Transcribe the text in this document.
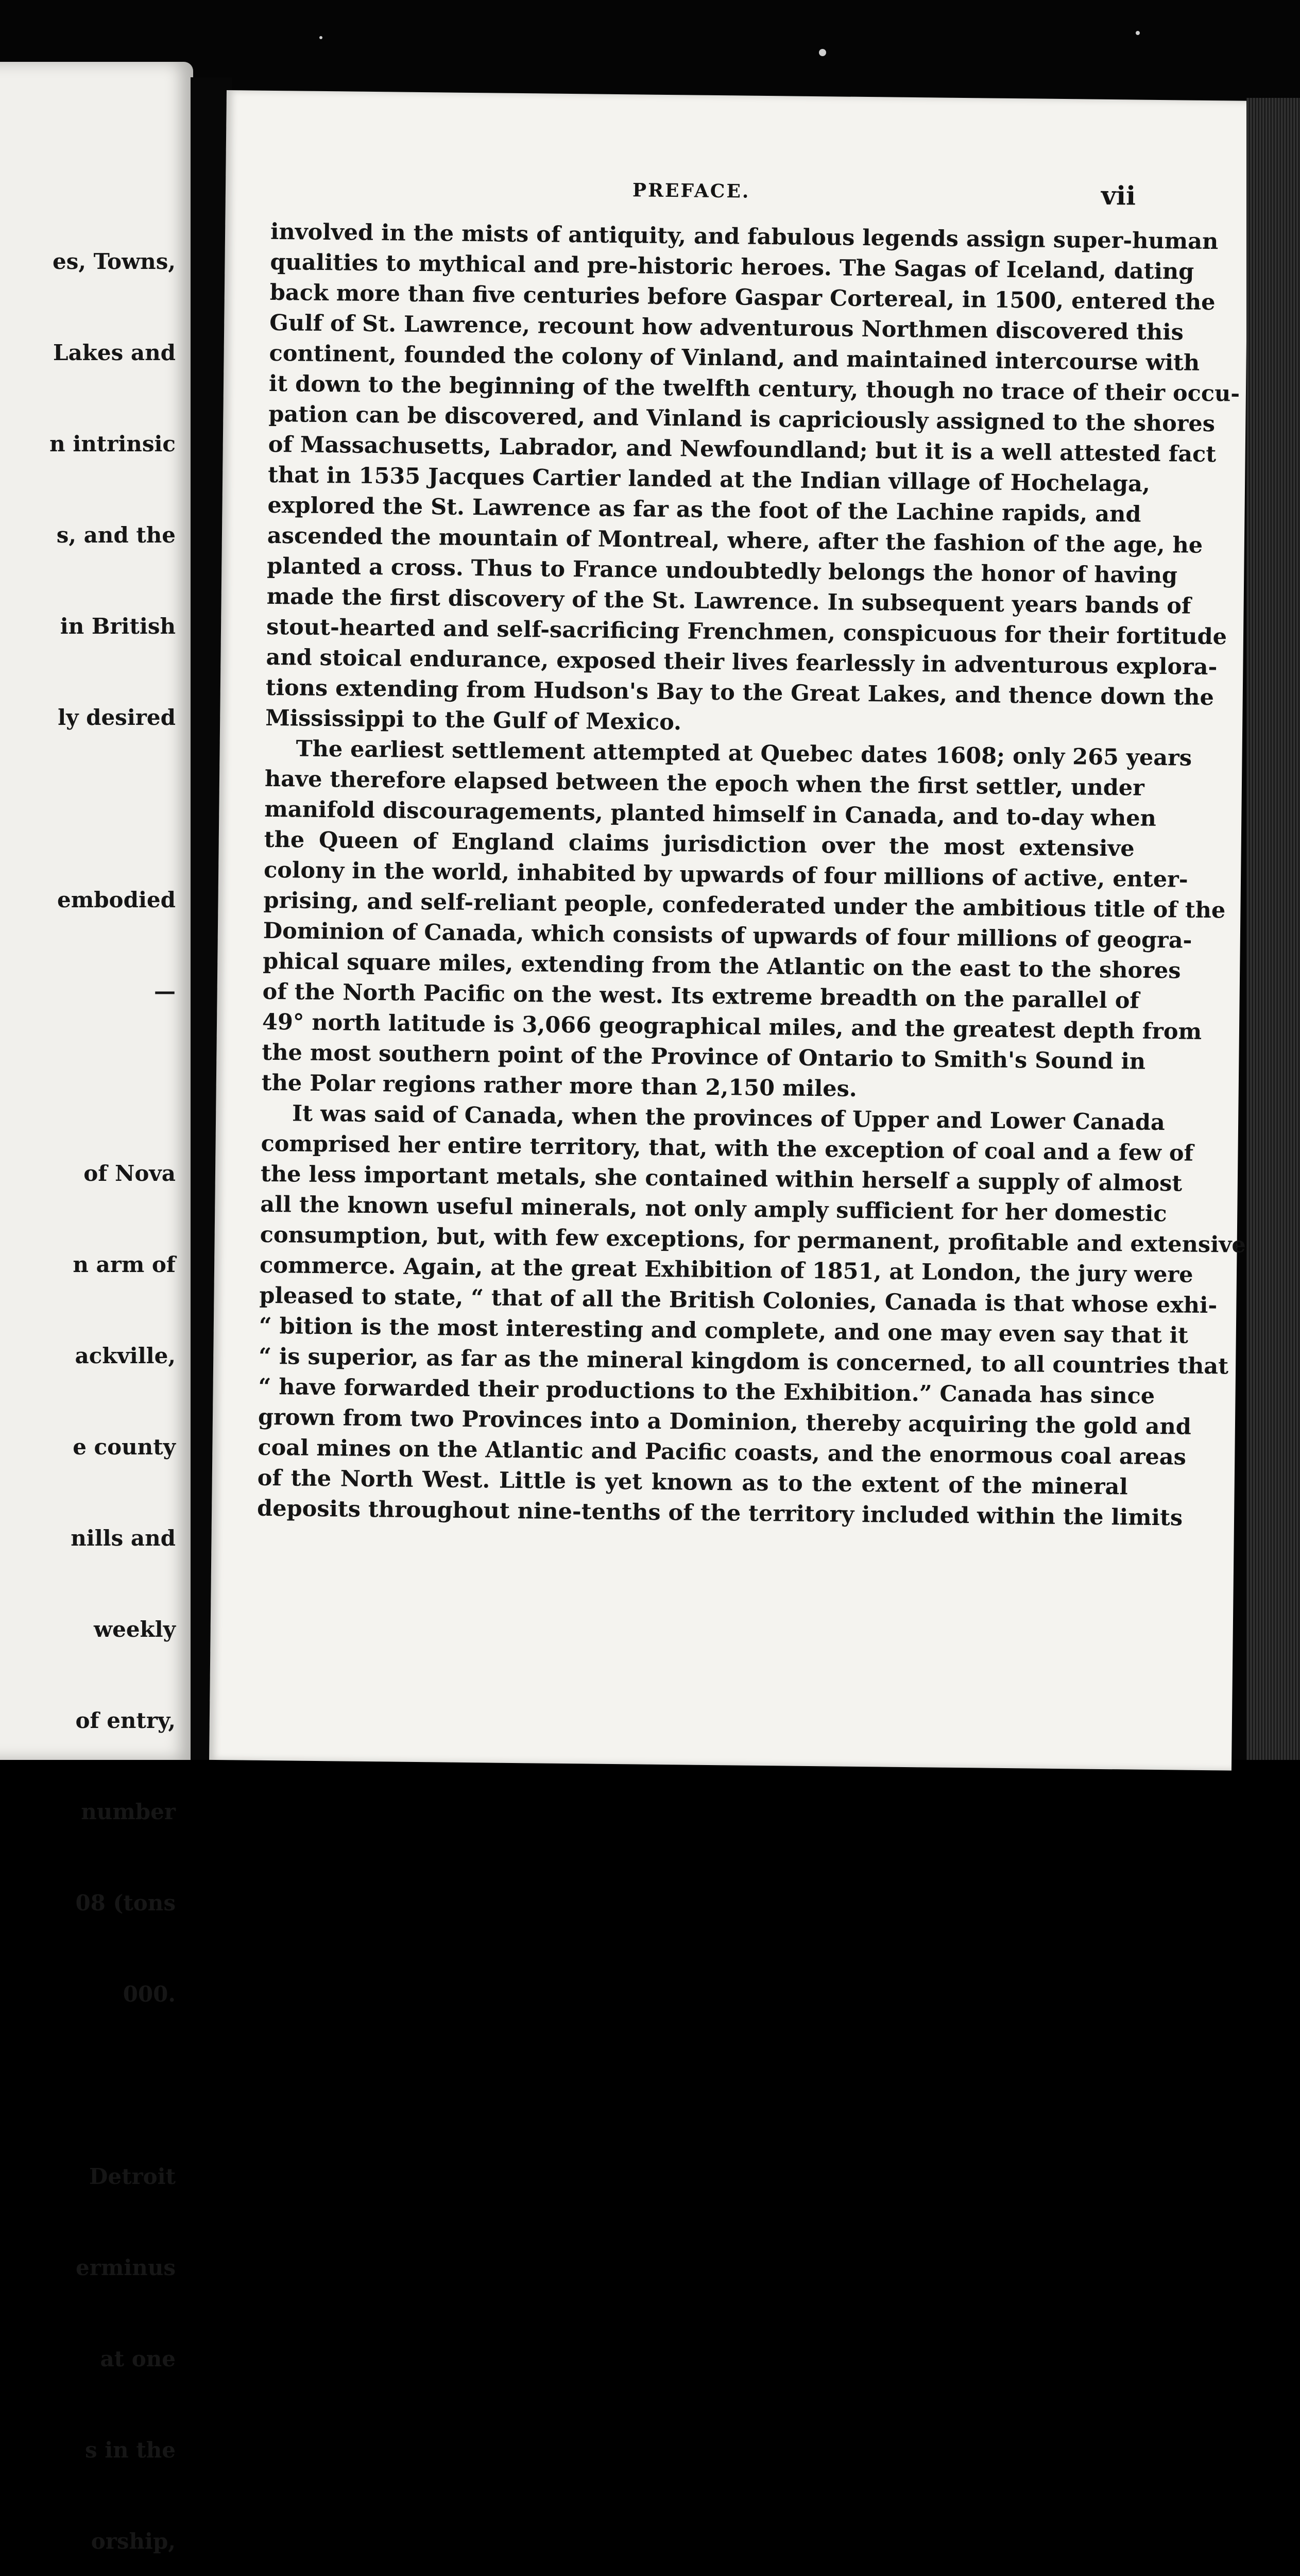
es, Towns,

Lakes and

n intrinsic

s, and the

in British

ly desired

embodied

—

of Nova

n arm of

ackville,

e county

nills and

weekly

of entry,

number

08 (tons

000.

Detroit

erminus

at one

s in the

orship,

PREFACE.	vii
involved in the mists of antiquity, and fabulous legends assign super-human
qualities to mythical and pre-historic heroes. The Sagas of Iceland, dating
back more than five centuries before Gaspar Cortereal, in 1500, entered the
Gulf of St. Lawrence, recount how adventurous Northmen discovered this
continent, founded the colony of Vinland, and maintained intercourse with
it down to the beginning of the twelfth century, though no trace of their occu-
pation can be discovered, and Vinland is capriciously assigned to the shores
of Massachusetts, Labrador, and Newfoundland; but it is a well attested fact
that in 1535 Jacques Cartier landed at the Indian village of Hochelaga,
explored the St. Lawrence as far as the foot of the Lachine rapids, and
ascended the mountain of Montreal, where, after the fashion of the age, he
planted a cross. Thus to France undoubtedly belongs the honor of having
made the first discovery of the St. Lawrence. In subsequent years bands of
stout-hearted and self-sacrificing Frenchmen, conspicuous for their fortitude
and stoical endurance, exposed their lives fearlessly in adventurous explora-
tions extending from Hudson's Bay to the Great Lakes, and thence down the
Mississippi to the Gulf of Mexico.
The earliest settlement attempted at Quebec dates 1608; only 265 years
have therefore elapsed between the epoch when the first settler, under
manifold discouragements, planted himself in Canada, and to-day when
the Queen of England claims jurisdiction over the most extensive
colony in the world, inhabited by upwards of four millions of active, enter-
prising, and self-reliant people, confederated under the ambitious title of the
Dominion of Canada, which consists of upwards of four millions of geogra-
phical square miles, extending from the Atlantic on the east to the shores
of the North Pacific on the west. Its extreme breadth on the parallel of
49° north latitude is 3,066 geographical miles, and the greatest depth from
the most southern point of the Province of Ontario to Smith's Sound in
the Polar regions rather more than 2,150 miles.
It was said of Canada, when the provinces of Upper and Lower Canada
comprised her entire territory, that, with the exception of coal and a few of
the less important metals, she contained within herself a supply of almost
all the known useful minerals, not only amply sufficient for her domestic
consumption, but, with few exceptions, for permanent, profitable and extensive
commerce. Again, at the great Exhibition of 1851, at London, the jury were
pleased to state, “ that of all the British Colonies, Canada is that whose exhi-
“ bition is the most interesting and complete, and one may even say that it
“ is superior, as far as the mineral kingdom is concerned, to all countries that
“ have forwarded their productions to the Exhibition.” Canada has since
grown from two Provinces into a Dominion, thereby acquiring the gold and
coal mines on the Atlantic and Pacific coasts, and the enormous coal areas
of the North West. Little is yet known as to the extent of the mineral
deposits throughout nine-tenths of the territory included within the limits
